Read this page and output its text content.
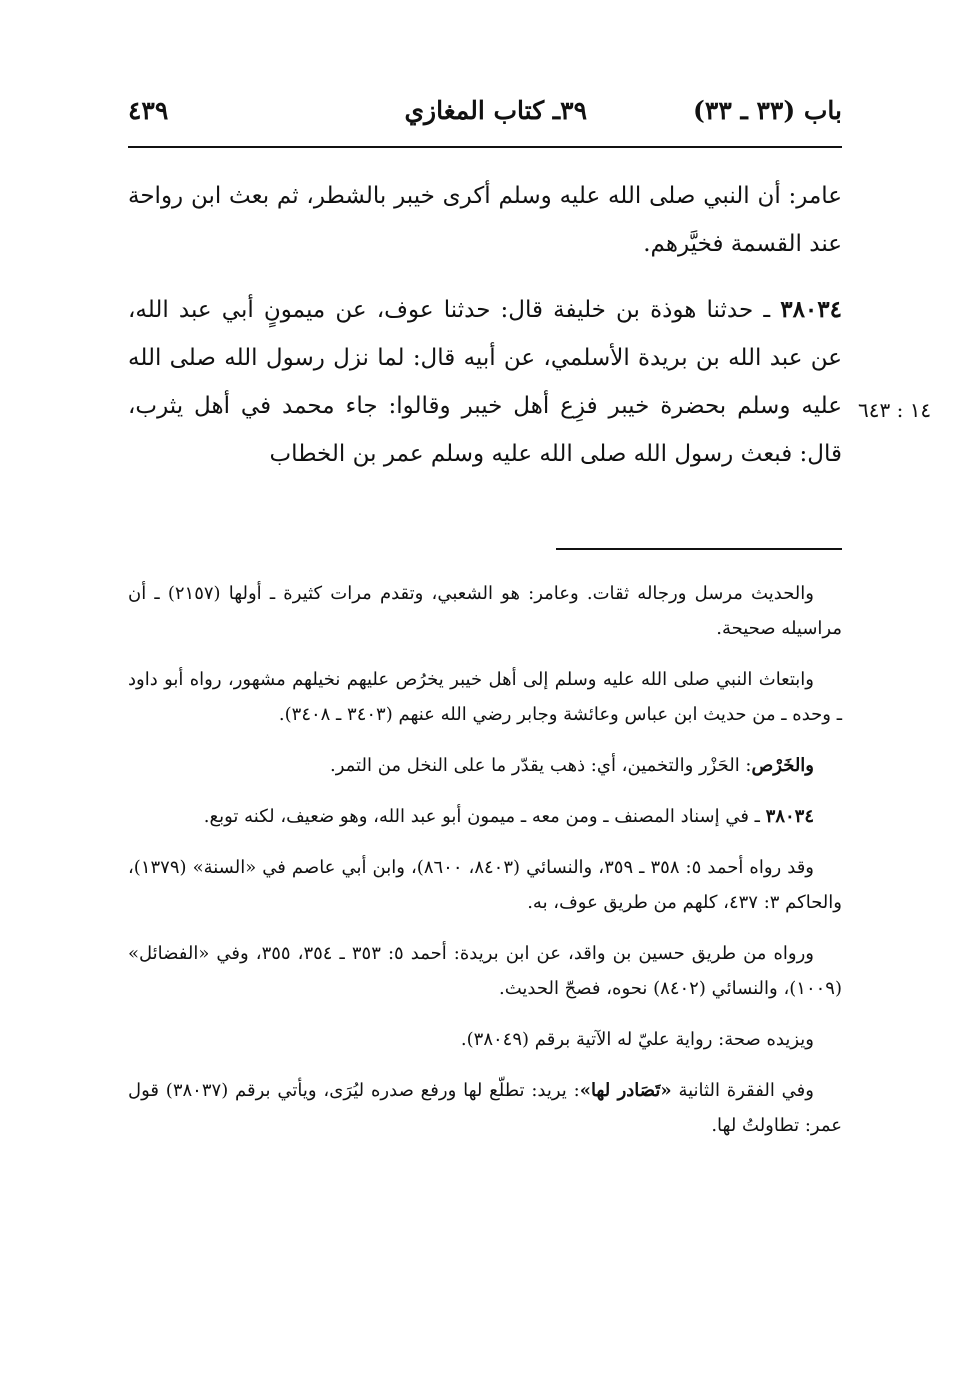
باب (٣٣ ـ ٣٣)
٣٩ـ كتاب المغازي
٤٣٩

عامر: أن النبي صلى الله عليه وسلم أكرى خيبر بالشطر، ثم بعث ابن رواحة عند القسمة فخيَّرهم.

٣٨٠٣٤ ـ حدثنا هوذة بن خليفة قال: حدثنا عوف، عن ميمونٍ أبي عبد الله، عن عبد الله بن بريدة الأسلمي، عن أبيه قال: لما نزل رسول الله صلى الله عليه وسلم بحضرة خيبر فزِع أهل خيبر وقالوا: جاء محمد في أهل يثرب، قال: فبعث رسول الله صلى الله عليه وسلم عمر بن الخطاب

١٤ : ٦٤٣

والحديث مرسل ورجاله ثقات. وعامر: هو الشعبي، وتقدم مرات كثيرة ـ أولها (٢١٥٧) ـ أن مراسيله صحيحة.

وابتعاث النبي صلى الله عليه وسلم إلى أهل خيبر يخرُص عليهم نخيلهم مشهور، رواه أبو داود ـ وحده ـ من حديث ابن عباس وعائشة وجابر رضي الله عنهم (٣٤٠٣ ـ ٣٤٠٨).

والخَرْص: الحَزْر والتخمين، أي: ذهب يقدّر ما على النخل من التمر.

٣٨٠٣٤ ـ في إسناد المصنف ـ ومن معه ـ ميمون أبو عبد الله، وهو ضعيف، لكنه توبع.

وقد رواه أحمد ٥: ٣٥٨ ـ ٣٥٩، والنسائي (٨٤٠٣، ٨٦٠٠)، وابن أبي عاصم في «السنة» (١٣٧٩)، والحاكم ٣: ٤٣٧، كلهم من طريق عوف، به.

ورواه من طريق حسين بن واقد، عن ابن بريدة: أحمد ٥: ٣٥٣ ـ ٣٥٤، ٣٥٥، وفي «الفضائل» (١٠٠٩)، والنسائي (٨٤٠٢) نحوه، فصحّ الحديث.

ويزيده صحة: رواية عليّ له الآتية برقم (٣٨٠٤٩).

وفي الفقرة الثانية «تَصَادر لها»: يريد: تطلّع لها ورفع صدره ليُرَى، ويأتي برقم (٣٨٠٣٧) قول عمر: تطاولتُ لها.
